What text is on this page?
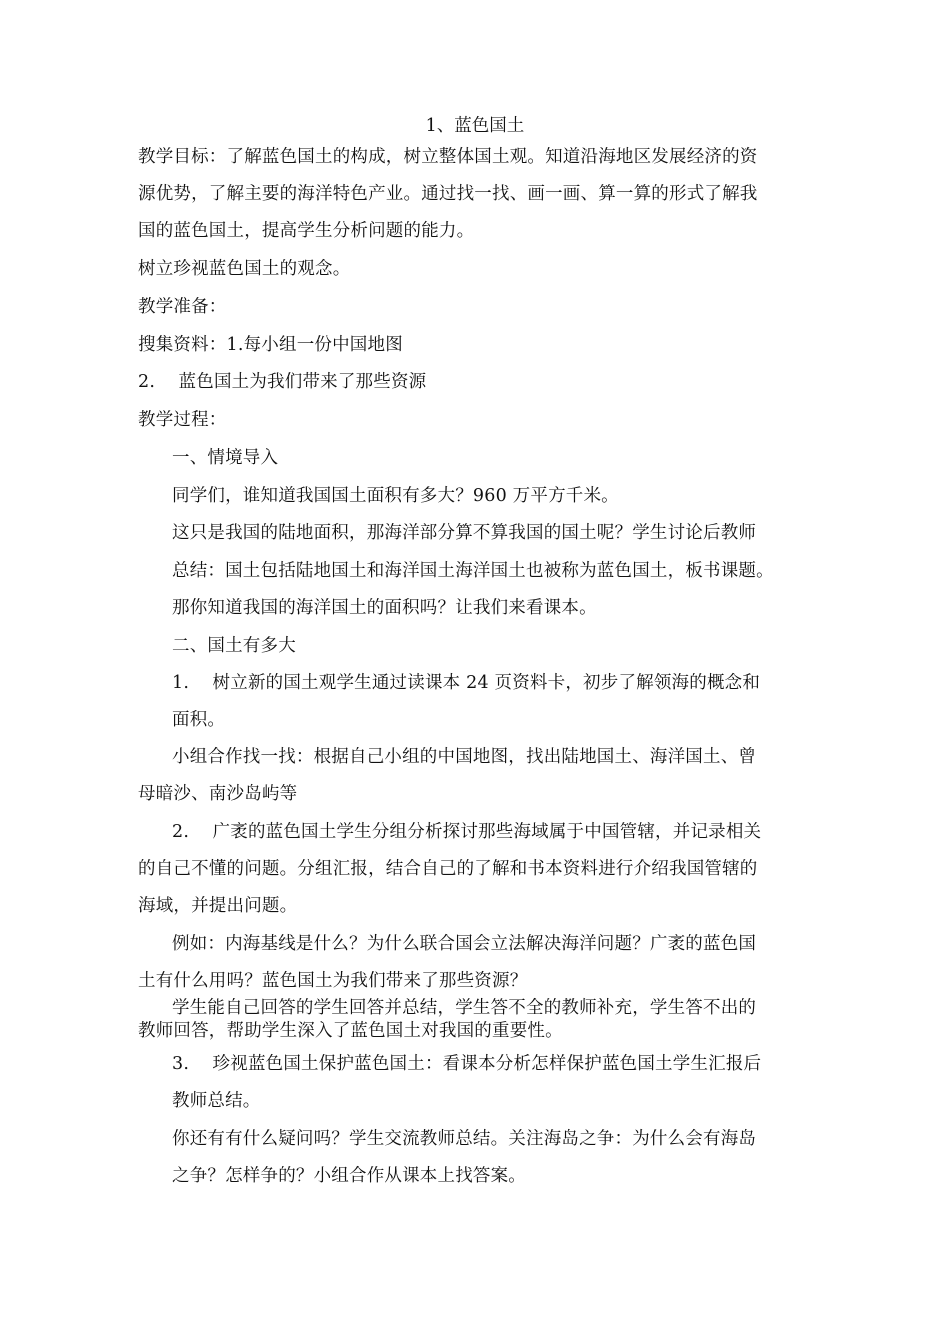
1、蓝色国土
教学目标：了解蓝色国土的构成，树立整体国土观。知道沿海地区发展经济的资
源优势，了解主要的海洋特色产业。通过找一找、画一画、算一算的形式了解我
国的蓝色国土，提高学生分析问题的能力。
树立珍视蓝色国土的观念。
教学准备：
搜集资料：1.每小组一份中国地图
2.　 蓝色国土为我们带来了那些资源
教学过程：
一、情境导入
同学们，谁知道我国国土面积有多大？960 万平方千米。
这只是我国的陆地面积，那海洋部分算不算我国的国土呢？学生讨论后教师
总结：国土包括陆地国土和海洋国土海洋国土也被称为蓝色国土，板书课题。
那你知道我国的海洋国土的面积吗？让我们来看课本。
二、国土有多大
1.　 树立新的国土观学生通过读课本 24 页资料卡，初步了解领海的概念和
面积。
小组合作找一找：根据自己小组的中国地图，找出陆地国土、海洋国土、曾
母暗沙、南沙岛屿等
2.　 广袤的蓝色国土学生分组分析探讨那些海域属于中国管辖，并记录相关
的自己不懂的问题。分组汇报，结合自己的了解和书本资料进行介绍我国管辖的
海域，并提出问题。
例如：内海基线是什么？为什么联合国会立法解决海洋问题？广袤的蓝色国
土有什么用吗？蓝色国土为我们带来了那些资源？
学生能自己回答的学生回答并总结，学生答不全的教师补充，学生答不出的
教师回答，帮助学生深入了蓝色国土对我国的重要性。
3.　 珍视蓝色国土保护蓝色国土：看课本分析怎样保护蓝色国土学生汇报后
教师总结。
你还有有什么疑问吗？学生交流教师总结。关注海岛之争：为什么会有海岛
之争？怎样争的？小组合作从课本上找答案。
